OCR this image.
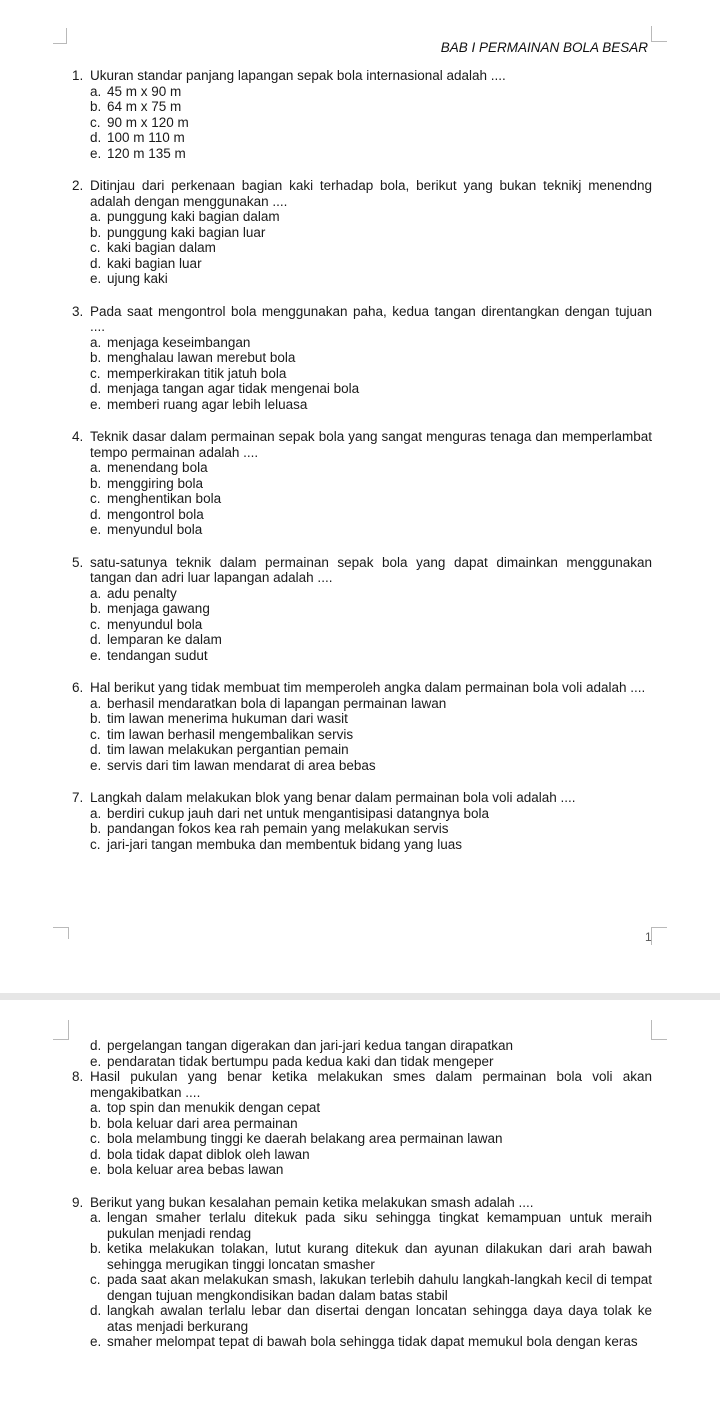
BAB I PERMAINAN BOLA BESAR
1. Ukuran standar panjang lapangan sepak bola internasional adalah ....
a. 45 m x 90 m
b. 64 m x 75 m
c. 90 m x 120 m
d. 100 m 110 m
e. 120 m 135 m
2. Ditinjau dari perkenaan bagian kaki terhadap bola, berikut yang bukan teknikj menendng adalah dengan menggunakan ....
a. punggung kaki bagian dalam
b. punggung kaki bagian luar
c. kaki bagian dalam
d. kaki bagian luar
e. ujung kaki
3. Pada saat mengontrol bola menggunakan paha, kedua tangan direntangkan dengan tujuan ....
a. menjaga keseimbangan
b. menghalau lawan merebut bola
c. memperkirakan titik jatuh bola
d. menjaga tangan agar tidak mengenai bola
e. memberi ruang agar lebih leluasa
4. Teknik dasar dalam permainan sepak bola yang sangat menguras tenaga dan memperlambat tempo permainan adalah ....
a. menendang bola
b. menggiring bola
c. menghentikan bola
d. mengontrol bola
e. menyundul bola
5. satu-satunya teknik dalam permainan sepak bola yang dapat dimainkan menggunakan tangan dan adri luar lapangan adalah ....
a. adu penalty
b. menjaga gawang
c. menyundul bola
d. lemparan ke dalam
e. tendangan sudut
6. Hal berikut yang tidak membuat tim memperoleh angka dalam permainan bola voli adalah ....
a. berhasil mendaratkan bola di lapangan permainan lawan
b. tim lawan menerima hukuman dari wasit
c. tim lawan berhasil mengembalikan servis
d. tim lawan melakukan pergantian pemain
e. servis dari tim lawan mendarat di area bebas
7. Langkah dalam melakukan blok yang benar dalam permainan bola voli adalah ....
a. berdiri cukup jauh dari net untuk mengantisipasi datangnya bola
b. pandangan fokos kea rah pemain yang melakukan servis
c. jari-jari tangan membuka dan membentuk bidang yang luas
1
d. pergelangan tangan digerakan dan jari-jari kedua tangan dirapatkan
e. pendaratan tidak bertumpu pada kedua kaki dan tidak mengeper
8. Hasil pukulan yang benar ketika melakukan smes dalam permainan bola voli akan mengakibatkan ....
a. top spin dan menukik dengan cepat
b. bola keluar dari area permainan
c. bola melambung tinggi ke daerah belakang area permainan lawan
d. bola tidak dapat diblok oleh lawan
e. bola keluar area bebas lawan
9. Berikut yang bukan kesalahan pemain ketika melakukan smash adalah ....
a. lengan smaher terlalu ditekuk pada siku sehingga tingkat kemampuan untuk meraih pukulan menjadi rendag
b. ketika melakukan tolakan, lutut kurang ditekuk dan ayunan dilakukan dari arah bawah sehingga merugikan tinggi loncatan smasher
c. pada saat akan melakukan smash, lakukan terlebih dahulu langkah-langkah kecil di tempat dengan tujuan mengkondisikan badan dalam batas stabil
d. langkah awalan terlalu lebar dan disertai dengan loncatan sehingga daya daya tolak ke atas menjadi berkurang
e. smaher melompat tepat di bawah bola sehingga tidak dapat memukul bola dengan keras
